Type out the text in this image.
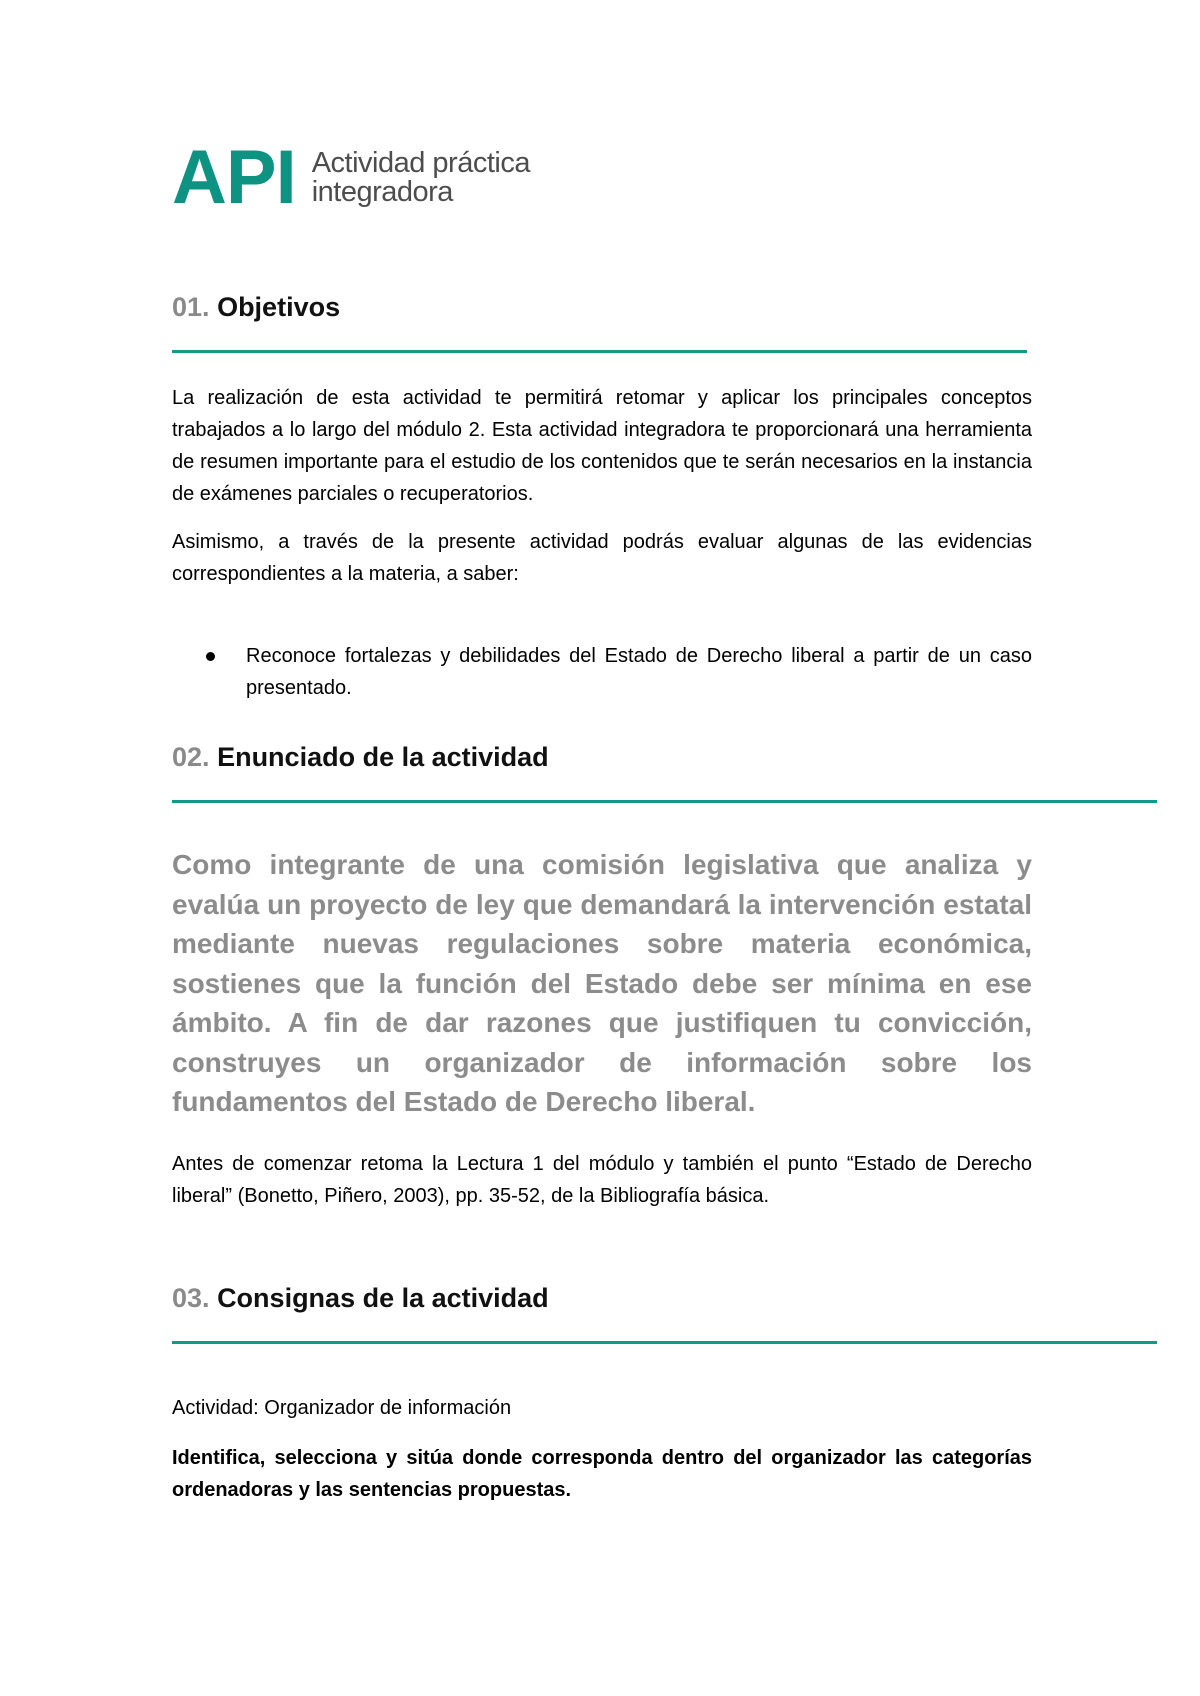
API Actividad práctica
integradora
01. Objetivos
La realización de esta actividad te permitirá retomar y aplicar los principales conceptos trabajados a lo largo del módulo 2. Esta actividad integradora te proporcionará una herramienta de resumen importante para el estudio de los contenidos que te serán necesarios en la instancia de exámenes parciales o recuperatorios.
Asimismo, a través de la presente actividad podrás evaluar algunas de las evidencias correspondientes a la materia, a saber:
Reconoce fortalezas y debilidades del Estado de Derecho liberal a partir de un caso presentado.
02. Enunciado de la actividad
Como integrante de una comisión legislativa que analiza y evalúa un proyecto de ley que demandará la intervención estatal mediante nuevas regulaciones sobre materia económica, sostienes que la función del Estado debe ser mínima en ese ámbito. A fin de dar razones que justifiquen tu convicción, construyes un organizador de información sobre los fundamentos del Estado de Derecho liberal.
Antes de comenzar retoma la Lectura 1 del módulo y también el punto “Estado de Derecho liberal” (Bonetto, Piñero, 2003), pp. 35-52, de la Bibliografía básica.
03. Consignas de la actividad
Actividad: Organizador de información
Identifica, selecciona y sitúa donde corresponda dentro del organizador las categorías ordenadoras y las sentencias propuestas.
